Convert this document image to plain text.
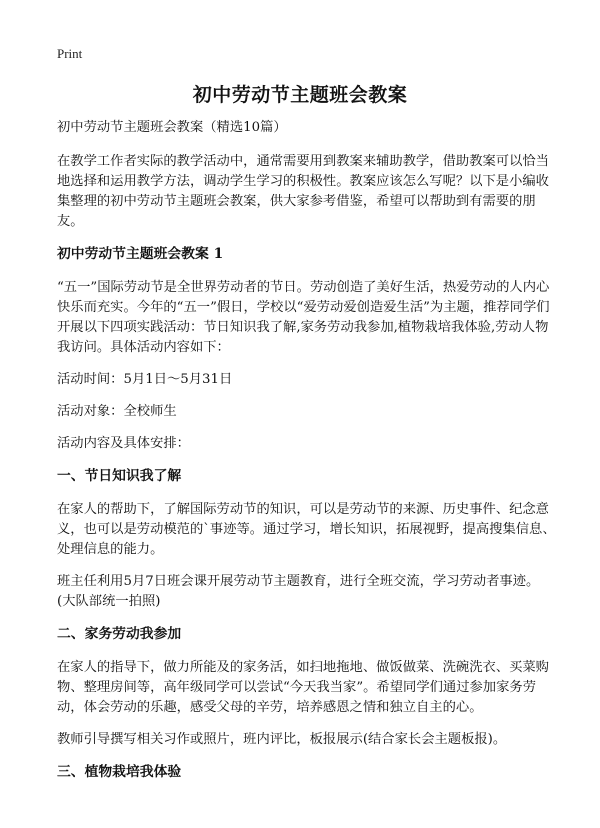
Print
初中劳动节主题班会教案

初中劳动节主题班会教案（精选10篇）

在教学工作者实际的教学活动中，通常需要用到教案来辅助教学，借助教案可以恰当地选择和运用教学方法，调动学生学习的积极性。教案应该怎么写呢？以下是小编收集整理的初中劳动节主题班会教案，供大家参考借鉴，希望可以帮助到有需要的朋友。

初中劳动节主题班会教案 1

“五一”国际劳动节是全世界劳动者的节日。劳动创造了美好生活，热爱劳动的人内心快乐而充实。今年的“五一”假日，学校以“爱劳动爱创造爱生活”为主题，推荐同学们开展以下四项实践活动：节日知识我了解,家务劳动我参加,植物栽培我体验,劳动人物我访问。具体活动内容如下：

活动时间：5月1日～5月31日

活动对象：全校师生

活动内容及具体安排：

一、节日知识我了解

在家人的帮助下，了解国际劳动节的知识，可以是劳动节的来源、历史事件、纪念意义，也可以是劳动模范的`事迹等。通过学习，增长知识，拓展视野，提高搜集信息、处理信息的能力。

班主任利用5月7日班会课开展劳动节主题教育，进行全班交流，学习劳动者事迹。(大队部统一拍照)

二、家务劳动我参加

在家人的指导下，做力所能及的家务活，如扫地拖地、做饭做菜、洗碗洗衣、买菜购物、整理房间等，高年级同学可以尝试“今天我当家”。希望同学们通过参加家务劳动，体会劳动的乐趣，感受父母的辛劳，培养感恩之情和独立自主的心。

教师引导撰写相关习作或照片，班内评比，板报展示(结合家长会主题板报)。

三、植物栽培我体验
